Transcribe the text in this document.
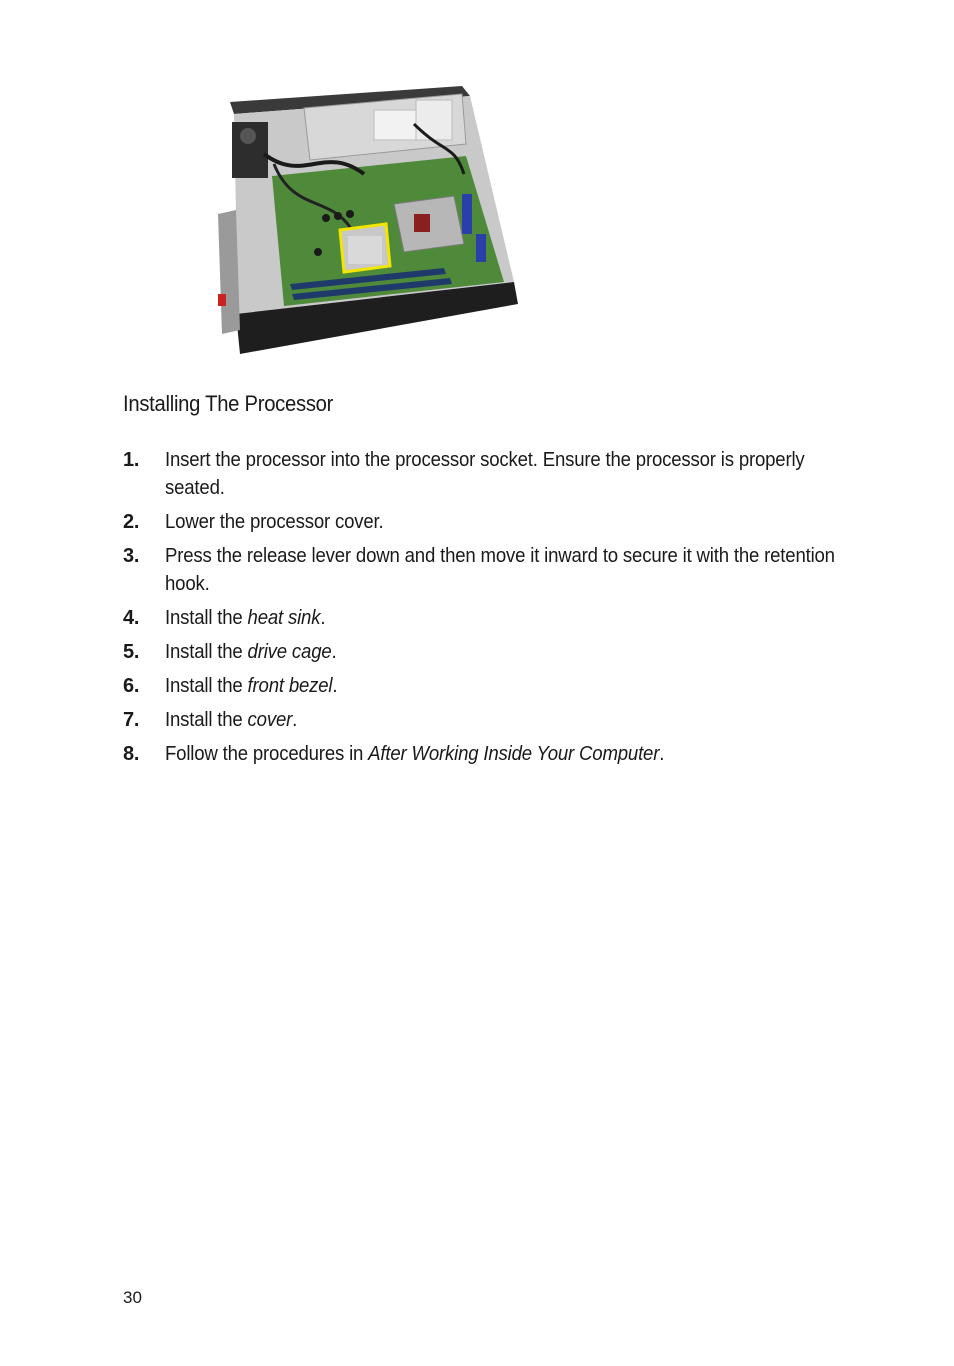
Installing The Processor
1. Insert the processor into the processor socket. Ensure the processor is properly seated.
2. Lower the processor cover.
3. Press the release lever down and then move it inward to secure it with the retention hook.
4. Install the heat sink.
5. Install the drive cage.
6. Install the front bezel.
7. Install the cover.
8. Follow the procedures in After Working Inside Your Computer.
30
